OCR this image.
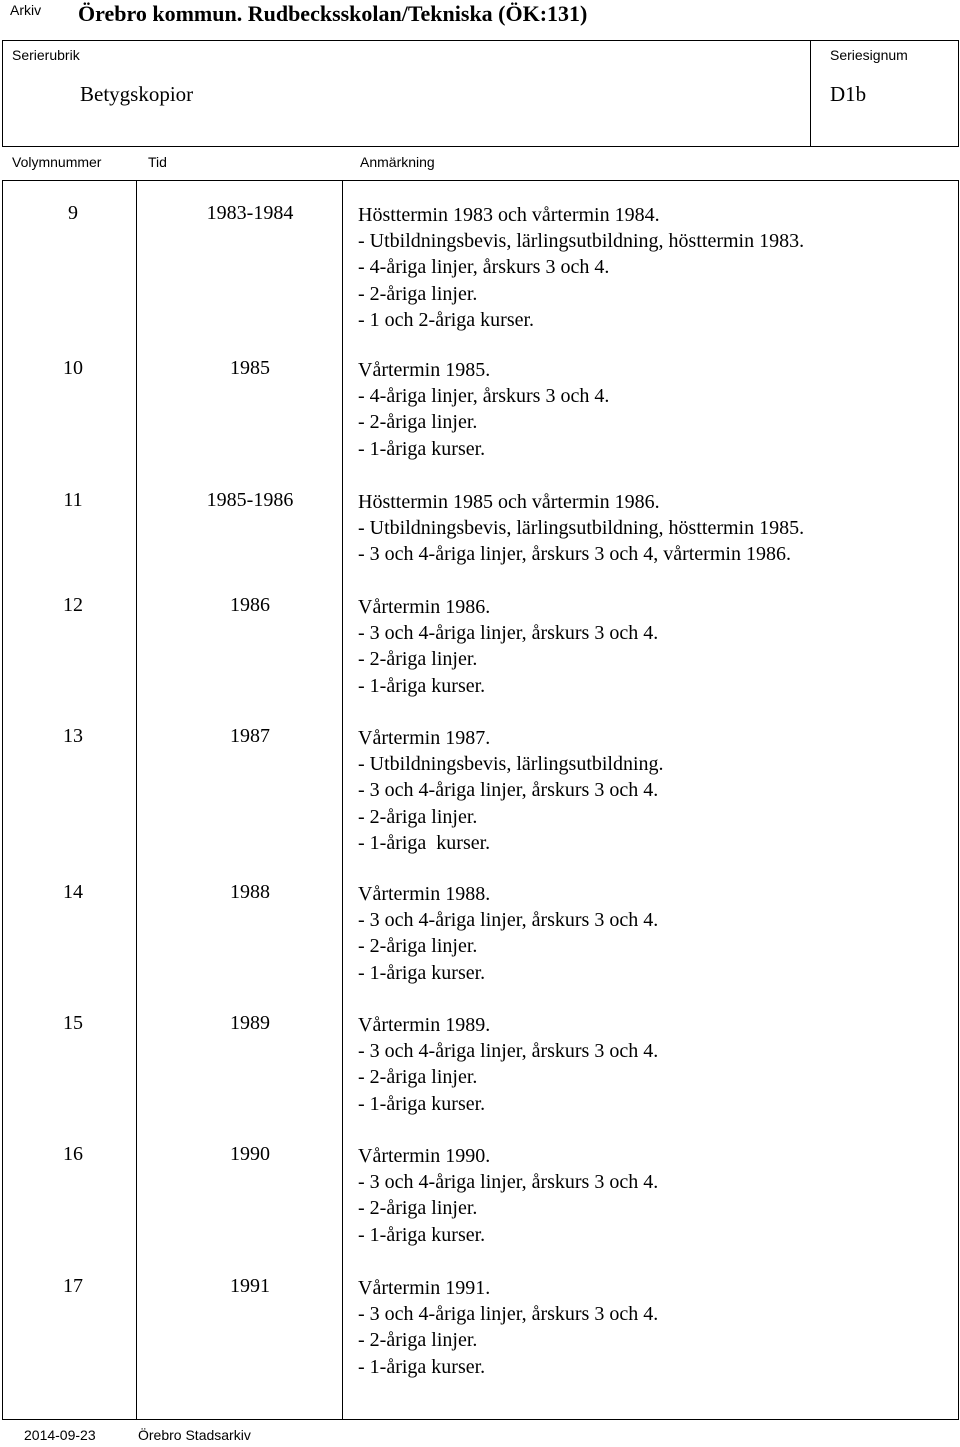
Arkiv Örebro kommun. Rudbecksskolan/Tekniska (ÖK:131)
Serierubrik
Betygskopior
Seriesignum
D1b
Volymnummer	Tid	Anmärkning
9	1983-1984	Hösttermin 1983 och vårtermin 1984.
- Utbildningsbevis, lärlingsutbildning, hösttermin 1983.
- 4-åriga linjer, årskurs 3 och 4.
- 2-åriga linjer.
- 1 och 2-åriga kurser.
10	1985	Vårtermin 1985.
- 4-åriga linjer, årskurs 3 och 4.
- 2-åriga linjer.
- 1-åriga kurser.
11	1985-1986	Hösttermin 1985 och vårtermin 1986.
- Utbildningsbevis, lärlingsutbildning, hösttermin 1985.
- 3 och 4-åriga linjer, årskurs 3 och 4, vårtermin 1986.
12	1986	Vårtermin 1986.
- 3 och 4-åriga linjer, årskurs 3 och 4.
- 2-åriga linjer.
- 1-åriga kurser.
13	1987	Vårtermin 1987.
- Utbildningsbevis, lärlingsutbildning.
- 3 och 4-åriga linjer, årskurs 3 och 4.
- 2-åriga linjer.
- 1-åriga  kurser.
14	1988	Vårtermin 1988.
- 3 och 4-åriga linjer, årskurs 3 och 4.
- 2-åriga linjer.
- 1-åriga kurser.
15	1989	Vårtermin 1989.
- 3 och 4-åriga linjer, årskurs 3 och 4.
- 2-åriga linjer.
- 1-åriga kurser.
16	1990	Vårtermin 1990.
- 3 och 4-åriga linjer, årskurs 3 och 4.
- 2-åriga linjer.
- 1-åriga kurser.
17	1991	Vårtermin 1991.
- 3 och 4-åriga linjer, årskurs 3 och 4.
- 2-åriga linjer.
- 1-åriga kurser.
2014-09-23	Örebro Stadsarkiv
